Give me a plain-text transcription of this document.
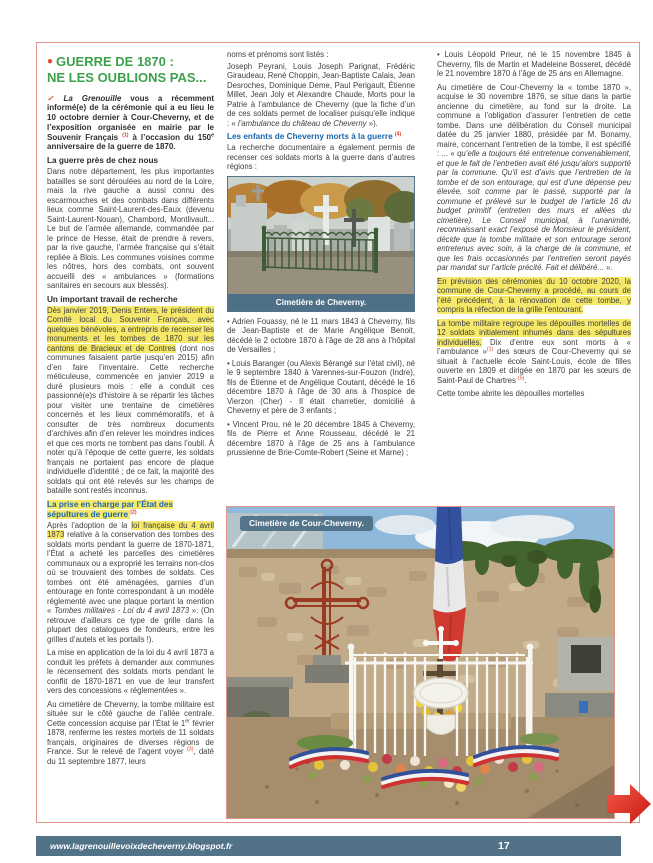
● GUERRE DE 1870 :
NE LES OUBLIONS PAS...

✓ La Grenouille vous a récemment informé(e) de la cérémonie qui a eu lieu le 10 octobre dernier à Cour-Cheverny, et de l’exposition organisée en mairie par le Souvenir Français $^{(1)}$ à l’occasion du 150e anniversaire de la guerre de 1870.

La guerre près de chez nous

Dans notre département, les plus importantes batailles se sont déroulées au nord de la Loire, mais la rive gauche a aussi connu des escarmouches et des combats dans différents lieux comme Saint-Laurent-des-Eaux (devenu Saint-Laurent-Nouan), Chambord, Montlivault... Le but de l’armée allemande, commandée par le prince de Hesse, était de prendre à revers, par la rive gauche, l’armée française qui s’était repliée à Blois. Les communes voisines comme les nôtres, hors des combats, ont souvent accueilli des « ambulances » (formations sanitaires en secours aux blessés).

Un important travail de recherche

Dès janvier 2019, Denis Enters, le président du Comité local du Souvenir Français, avec quelques bénévoles, a entrepris de recenser les monuments et les tombes de 1870 sur les cantons de Bracieux et de Contres (dont nos communes faisaient partie jusqu’en 2015) afin d’en faire l’inventaire. Cette recherche méticuleuse, commencée en janvier 2019 a duré plusieurs mois : elle a conduit ces passionné(e)s d’histoire à se répartir les tâches pour visiter une trentaine de cimetières concernés et les lieux commémoratifs, et à consulter de très nombreux documents d’archives afin d’en relever les moindres indices et que ces morts ne tombent pas dans l’oubli. À noter qu’à l’époque de cette guerre, les soldats français ne portaient pas encore de plaque individuelle d’identité ; de ce fait, la majorité des soldats qui ont été relevés sur les champs de bataille sont restés inconnus.

La prise en charge par l’État des sépultures de guerre $^{(2)}$

Après l’adoption de la loi française du 4 avril 1873 relative à la conservation des tombes des soldats morts pendant la guerre de 1870-1871, l’État a acheté les parcelles des cimetières communaux ou a exproprié les terrains non-clos où se trouvaient des tombes de soldats. Ces tombes ont été aménagées, garnies d’un entourage en fonte correspondant à un modèle réglementé avec une plaque portant la mention « Tombes militaires - Loi du 4 avril 1873 ». (On retrouve d’ailleurs ce type de grille dans la plupart des catalogues de fondeurs, entre les grilles d’autels et les portails !).

La mise en application de la loi du 4 avril 1873 a conduit les préfets à demander aux communes le recensement des soldats morts pendant le conflit de 1870-1871 en vue de leur transfert vers des concessions « réglementées ».

Au cimetière de Cheverny, la tombe militaire est située sur le côté gauche de l’allée centrale. Cette concession acquise par l’État le 1er février 1878, renferme les restes mortels de 11 soldats français, originaires de diverses régions de France. Sur le relevé de l’agent voyer $^{(3)}$, daté du 11 septembre 1877, leurs

noms et prénoms sont listés :

Joseph Peyrani, Louis Joseph Parignat, Frédéric Giraudeau, René Choppin, Jean-Baptiste Calais, Jean Desroches, Dominique Deme, Paul Perigault, Étienne Millet, Jean Joly et Alexandre Chaude, Morts pour la Patrie à l’ambulance de Cheverny (que la fiche d’un de ces soldats permet de localiser puisqu’elle indique : « l’ambulance du château de Cheverny »).

Les enfants de Cheverny morts à la guerre $^{(4)}$

La recherche documentaire a également permis de recenser ces soldats morts à la guerre dans d’autres régions :

Cimetière de Cheverny.

• Adrien Fouassy, né le 11 mars 1843 à Cheverny, fils de Jean-Baptiste et de Marie Angélique Benoit, décédé le 2 octobre 1870 à l’âge de 28 ans à l’hôpital de Versailles ;

• Louis Baranger (ou Alexis Bérangé sur l’état civil), né le 9 septembre 1840 à Varennes-sur-Fouzon (Indre), fils de Étienne et de Angélique Coutant, décédé le 16 décembre 1870 à l’âge de 30 ans à l’hospice de Vierzon (Cher) - Il était charretier, domicilié à Cheverny et père de 3 enfants ;

• Vincent Prou, né le 20 décembre 1845 à Cheverny, fils de Pierre et Anne Rousseau, décédé le 21 décembre 1870 à l’âge de 25 ans à l’ambulance prussienne de Brie-Comte-Robert (Seine et Marne) ;

• Louis Léopold Prieur, né le 15 novembre 1845 à Cheverny, fils de Martin et Madeleine Bosseret, décédé le 21 novembre 1870 à l’âge de 25 ans en Allemagne.

Au cimetière de Cour-Cheverny la « tombe 1870 », acquise le 30 novembre 1876, se situe dans la partie ancienne du cimetière, au fond sur la droite. La commune a l’obligation d’assurer l’entretien de cette tombe. Dans une délibération du Conseil municipal datée du 25 janvier 1880, présidée par M. Bonamy, maire, concernant l’entretien de la tombe, il est spécifié : ... « qu’elle a toujours été entretenue convenablement, et que le fait de l’entretien avait été jusqu’alors supporté par la commune. Qu’il est d’avis que l’entretien de la tombe et de son entourage, qui est d’une dépense peu élevée, soit comme par le passé, supporté par la commune et prélevé sur le budget de l’article 16 du budget primitif (entretien des murs et allées du cimetière). Le Conseil municipal, à l’unanimité, reconnaissant exact l’exposé de Monsieur le président, décide que la tombe militaire et son entourage seront entretenus avec soin, à la charge de la commune, et que les frais occasionnés par l’entretien seront payés par mandat sur l’article précité. Fait et délibéré... ».

En prévision des cérémonies du 10 octobre 2020, la commune de Cour-Cheverny a procédé, au cours de l’été précédent, à la rénovation de cette tombe, y compris la réfection de la grille l’entourant.

La tombe militaire regroupe les dépouilles mortelles de 12 soldats initialement inhumés dans des sépultures individuelles. Dix d’entre eux sont morts à « l’ambulance »$^{(1)}$ des sœurs de Cour-Cheverny qui se situait à l’actuelle école Saint-Louis, école de filles ouverte en 1809 et dirigée en 1870 par les sœurs de Saint-Paul de Chartres $^{(5)}$.

Cette tombe abrite les dépouilles mortelles

Cimetière de Cour-Cheverny.
www.lagrenouillevoixdecheverny.blogspot.fr	17
